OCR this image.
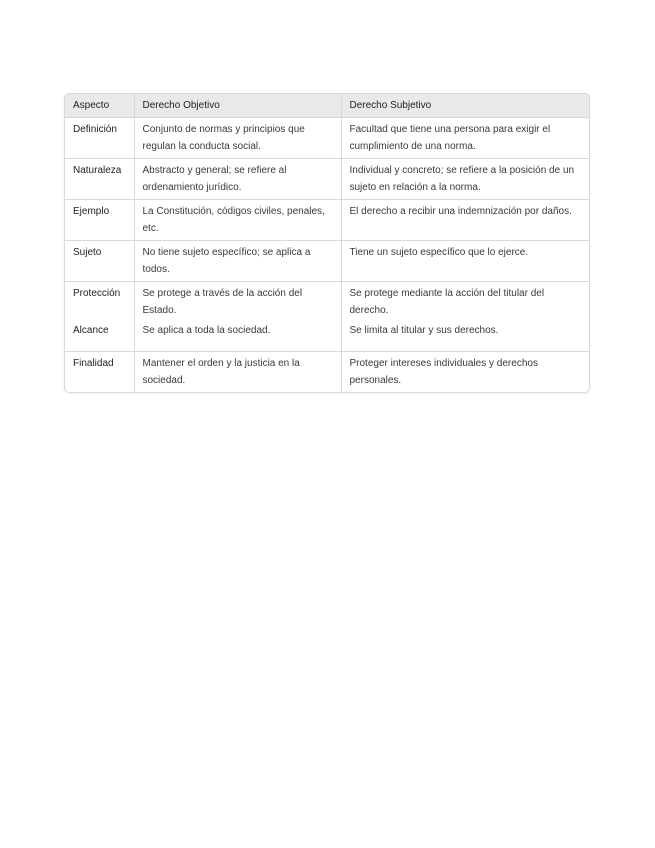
Aspecto	Derecho Objetivo	Derecho Subjetivo
Definición	Conjunto de normas y principios que regulan la conducta social.	Facultad que tiene una persona para exigir el cumplimiento de una norma.
Naturaleza	Abstracto y general; se refiere al ordenamiento jurídico.	Individual y concreto; se refiere a la posición de un sujeto en relación a la norma.
Ejemplo	La Constitución, códigos civiles, penales, etc.	El derecho a recibir una indemnización por daños.
Sujeto	No tiene sujeto específico; se aplica a todos.	Tiene un sujeto específico que lo ejerce.
Protección	Se protege a través de la acción del Estado.	Se protege mediante la acción del titular del derecho.
Alcance	Se aplica a toda la sociedad.	Se limita al titular y sus derechos.
Finalidad	Mantener el orden y la justicia en la sociedad.	Proteger intereses individuales y derechos personales.
